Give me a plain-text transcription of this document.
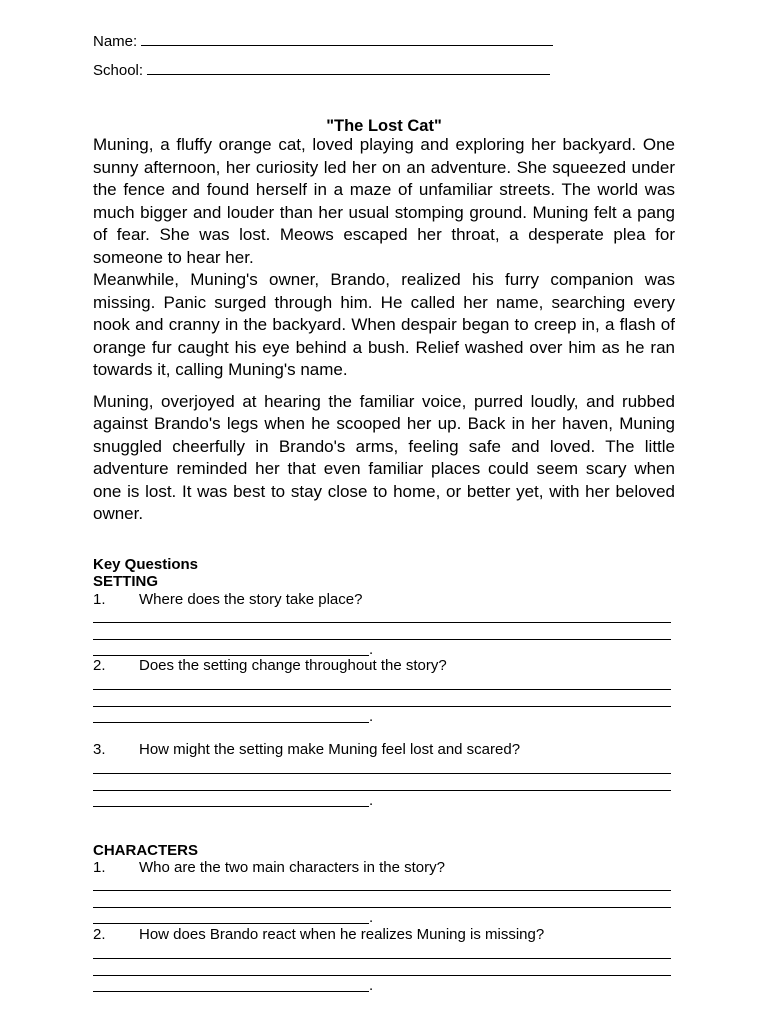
Name:
School:
"The Lost Cat"

Muning, a fluffy orange cat, loved playing and exploring her backyard. One sunny afternoon, her curiosity led her on an adventure. She squeezed under the fence and found herself in a maze of unfamiliar streets. The world was much bigger and louder than her usual stomping ground. Muning felt a pang of fear. She was lost. Meows escaped her throat, a desperate plea for someone to hear her.

Meanwhile, Muning's owner, Brando, realized his furry companion was missing. Panic surged through him. He called her name, searching every nook and cranny in the backyard. When despair began to creep in, a flash of orange fur caught his eye behind a bush. Relief washed over him as he ran towards it, calling Muning's name.

Muning, overjoyed at hearing the familiar voice, purred loudly, and rubbed against Brando's legs when he scooped her up. Back in her haven, Muning snuggled cheerfully in Brando's arms, feeling safe and loved. The little adventure reminded her that even familiar places could seem scary when one is lost. It was best to stay close to home, or better yet, with her beloved owner.

Key Questions
SETTING
1. Where does the story take place?
.
2. Does the setting change throughout the story?
.
3. How might the setting make Muning feel lost and scared?
.
CHARACTERS
1. Who are the two main characters in the story?
.
2. How does Brando react when he realizes Muning is missing?
.
